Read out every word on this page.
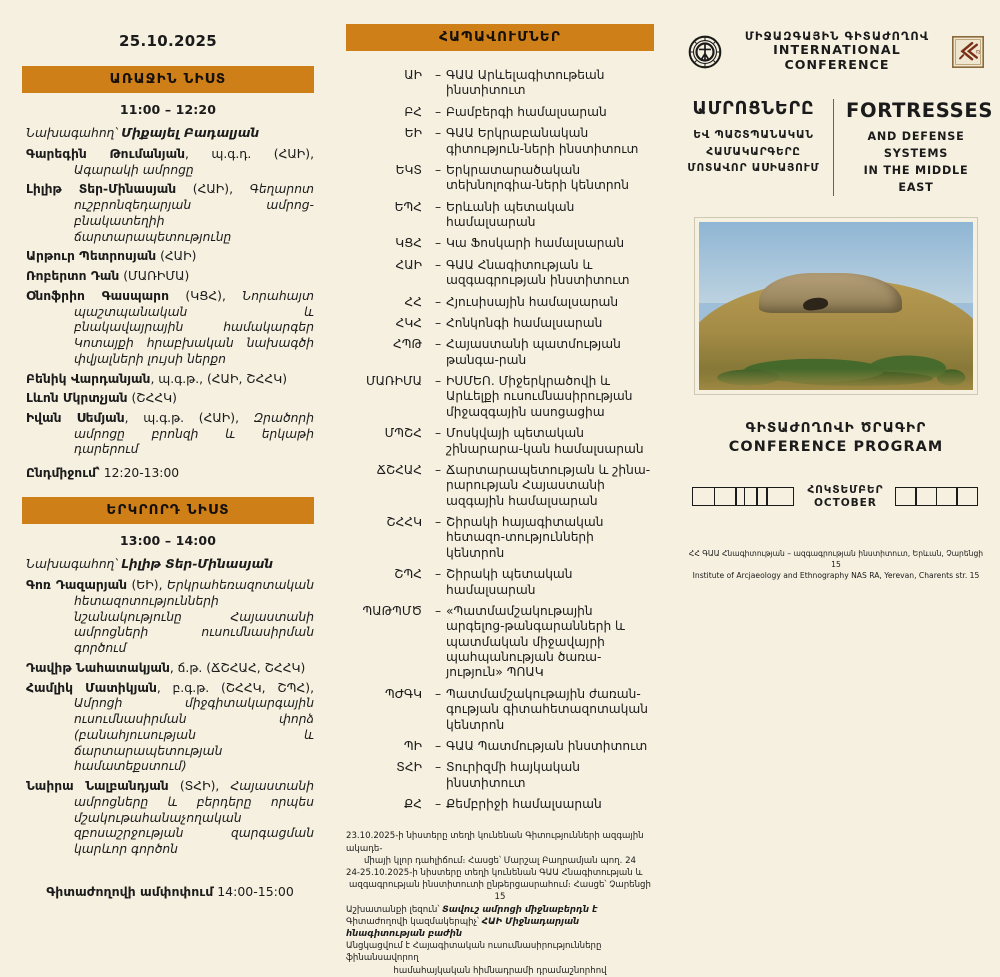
25.10.2025
ԱՌԱՋԻՆ ՆԻՍՏ
11:00 – 12:20
Նախագահող՝ Միքայել Բադալյան
Գարեգին Թումանյան, պ.գ.դ. (ՀԱԻ), Ագարակի ամրոցը
Լիլիթ Տեր-Մինասյան (ՀԱԻ), Գեղարոտ ուշբրոնզեդարյան ամրոց-բնակատեղիի ճարտարապետությունը
Արթուր Պետրոսյան (ՀԱԻ)
Ռոբերտո Դան (ՄԱՌԻՄԱ)
Օնոֆրիո Գասպարո (ԿՑՀ), Նորահայտ պաշտպանական և բնակավայրային համակարգեր Կոտայքի հրաբխական նախագծի փվյալների լույսի ներքո
Բենիկ Վարդանյան, պ.գ.թ., (ՀԱԻ, ՇՀՀԿ)
Լևոն Մկրտչյան (ՇՀՀԿ)
Իվան Սեմյան, պ.գ.թ. (ՀԱԻ), Զրածորի ամրոցը բրոնզի և երկաթի դարերում
Ընդմիջում՝ 12:20-13:00
ԵՐԿՐՈՐԴ ՆԻՍՏ
13:00 – 14:00
Նախագահող՝ Լիլիթ Տեր-Մինասյան
Գոռ Դազարյան (ԵԻ), Երկրահեռազոտական հետազոտությունների նշանակությունը Հայաստանի ամրոցների ուսումնասիրման գործում
Դավիթ Նահատակյան, ճ.թ. (ՃՇՀԱՀ, ՇՀՀԿ)
Համլիկ Մատիկյան, բ.գ.թ. (ՇՀՀԿ, ՇՊՀ), Ամրոցի միջգիտակարգային ուսումնասիրման փորձ (բանահյուսության և ճարտարապետության համատեքստում)
Նաիրա Նալբանդյան (ՏՀԻ), Հայաստանի ամրոցները և բերդերը որպես մշակութահանաչողական զբոսաշրջության զարգացման կարևոր գործոն
Գիտաժողովի ամփոփում 14:00-15:00
ՀԱՊԱՎՈՒՄՆԵՐ
ԱԻ	– ԳԱԱ Արևելագիտութեան ինստիտուտ
ԲՀ	– Բամբերգի համալսարան
ԵԻ	– ԳԱԱ Երկրաբանական գիտություն-ների ինստիտուտ
ԵԿՏ	– Երկրատարածական տեխնոլոգիա-ների կենտրոն
ԵՊՀ	– Երևանի պետական համալսարան
ԿՑՀ	– Կա Ֆոսկարի համալսարան
ՀԱԻ	– ԳԱԱ Հնագիտության և ազգագրության ինստիտուտ
ՀՀ	– Հյուսիսային համալսարան
ՀԿՀ	– Հոնկոնգի համալսարան
ՀՊԹ	– Հայաստանի պատմության թանգա-րան
ՄԱՌԻՄԱ	– ԻՍՄԵՈ. Միջերկրածովի և Արևելքի ուսումնասիրության միջազգային ասոցացիա
ՄՊՇՀ	– Մոսկվայի պետական շինարարա-կան համալսարան
ՃՇՀԱՀ	– Ճարտարապետության և շինա-րարության Հայաստանի ազգային համալսարան
ՇՀՀԿ	– Շիրակի հայագիտական հետազո-տությունների կենտրոն
ՇՊՀ	– Շիրակի պետական համալսարան
ՊԱԹՊՄԾ	– «Պատմամշակութային արգելոց-թանգարանների և պատմական միջավայրի պահպանության ծառա-յություն» ՊՈԱԿ
ՊԺԳԿ	– Պատմամշակութային ժառան-գության գիտահետազոտական կենտրոն
ՊԻ	– ԳԱԱ Պատմության ինստիտուտ
ՏՀԻ	– Տուրիզմի հայկական ինստիտուտ
ՔՀ	– Քեմբրիջի համալսարան

23.10.2025-ի նիստերը տեղի կունենան Գիտությունների ազգային ակադե-

միայի կլոր դահլիճում։ Հասցե՝ Մարշալ Բաղրամյան պող. 24

24-25.10.2025-ի նիստերը տեղի կունենան ԳԱԱ Հնագիտության և

ազգագրության ինստիտուտի ընթերցասրահում։ Հասցե՝ Չարենցի 15

Աշխատանքի լեզուն՝ Տավուշ ամրոցի միջնաբերդն է

Գիտաժողովի կազմակերպիչ՝ ՀԱԻ Միջնադարյան հնագիտության բաժին

Անցկացվում է Հայագիտական ուսումնասիրությունները ֆինանսավորող

համահայկական հիմնադրամի դրամաշնորհով

ՄԻՋԱԶԳԱՅԻՆ ԳԻՏԱԺՈՂՈՎ
INTERNATIONAL CONFERENCE
ռ
ԱՄՐՈՑՆԵՐԸ
ԵՎ ՊԱՇՏՊԱՆԱԿԱՆ
ՀԱՄԱԿԱՐԳԵՐԸ
ՄՈՏԱՎՈՐ ԱՍԻԱՅՈՒՄ
FORTRESSES
AND DEFENSE
SYSTEMS
IN THE MIDDLE EAST
ԳԻՏԱԺՈՂՈՎԻ ԾՐԱԳԻՐ
CONFERENCE PROGRAM
ՀՈԿՏԵՄԲԵՐ
OCTOBER
ՀՀ ԳԱԱ Հնագիտության – ազգագրության ինստիտուտ, Երևան, Չարենցի 15
Institute of Arcjaeology and Ethnography NAS RA, Yerevan, Charents str. 15
